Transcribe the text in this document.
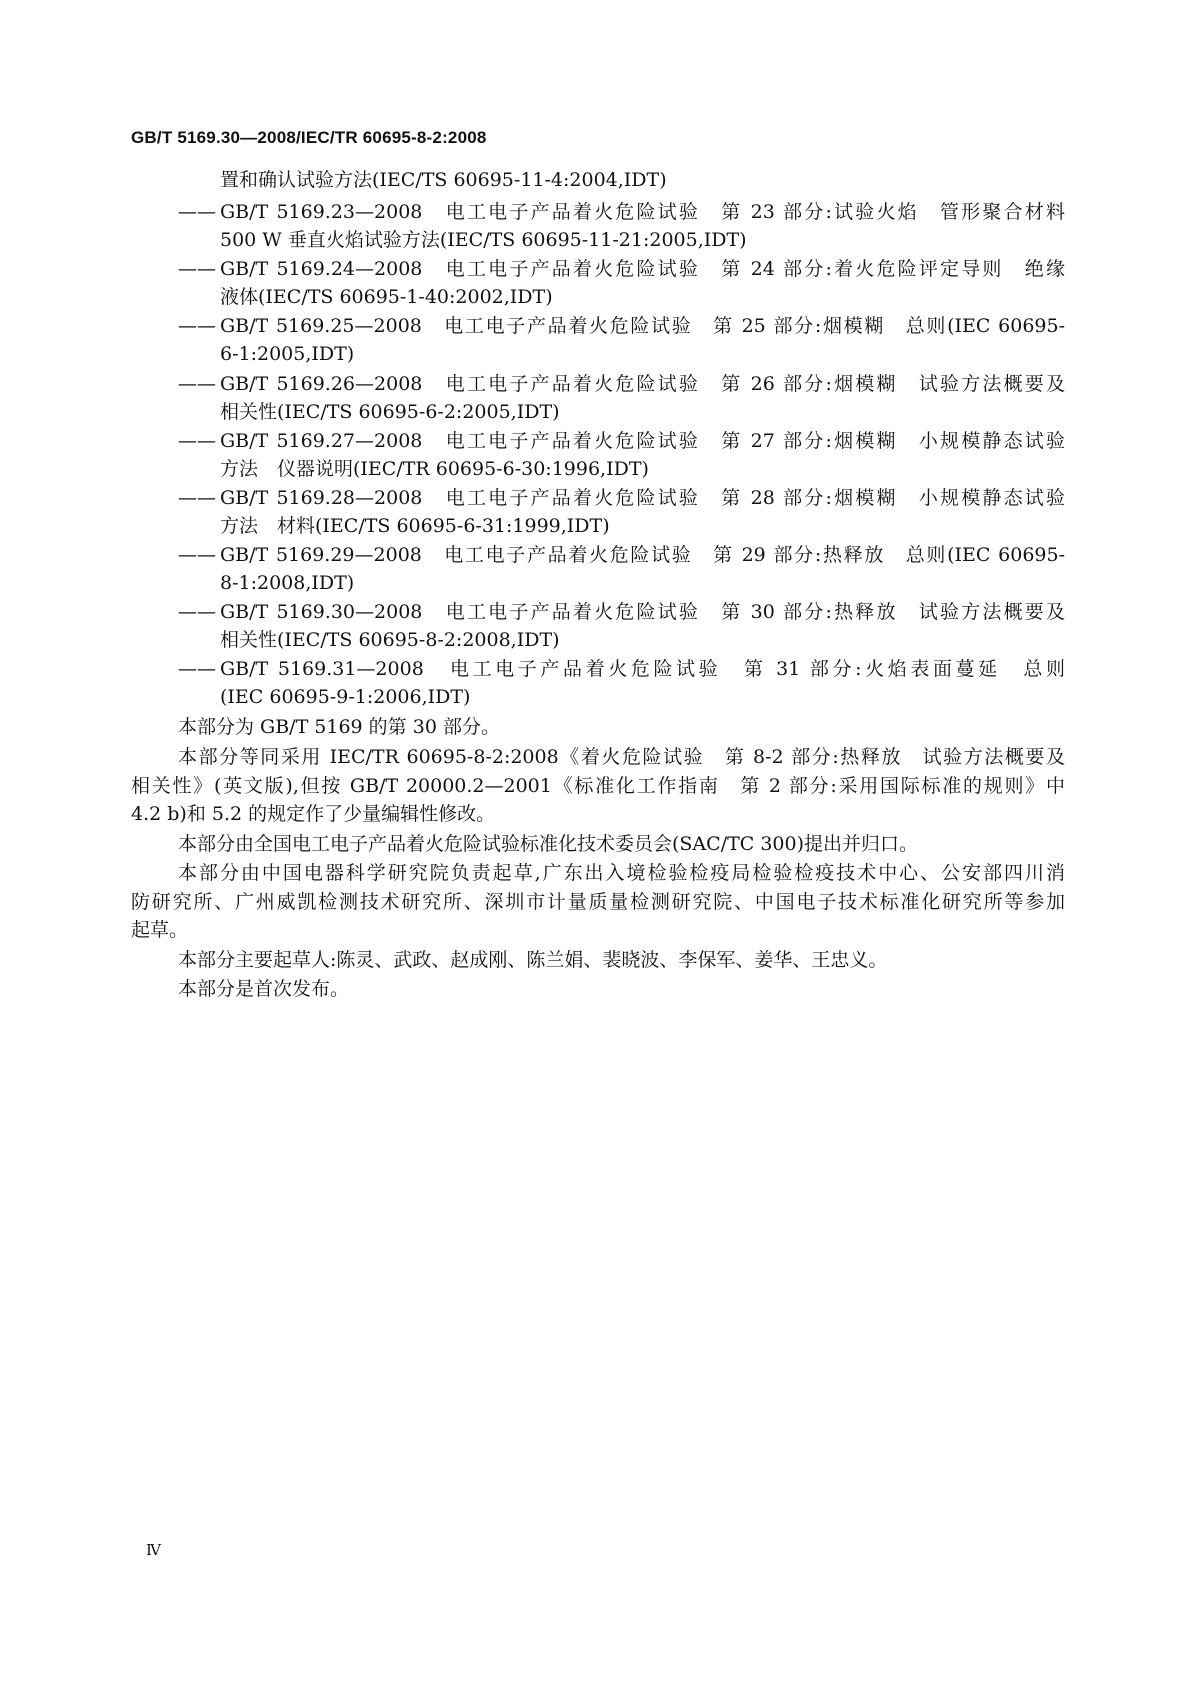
GB/T 5169.30—2008/IEC/TR 60695-8-2:2008
置和确认试验方法(IEC/TS 60695-11-4:2004,IDT)
—— GB/T 5169.23—2008　电工电子产品着火危险试验　第 23 部分:试验火焰　管形聚合材料
500 W 垂直火焰试验方法(IEC/TS 60695-11-21:2005,IDT)
—— GB/T 5169.24—2008　电工电子产品着火危险试验　第 24 部分:着火危险评定导则　绝缘
液体(IEC/TS 60695-1-40:2002,IDT)
—— GB/T 5169.25—2008　电工电子产品着火危险试验　第 25 部分:烟模糊　总则(IEC 60695-
6-1:2005,IDT)
—— GB/T 5169.26—2008　电工电子产品着火危险试验　第 26 部分:烟模糊　试验方法概要及
相关性(IEC/TS 60695-6-2:2005,IDT)
—— GB/T 5169.27—2008　电工电子产品着火危险试验　第 27 部分:烟模糊　小规模静态试验
方法　仪器说明(IEC/TR 60695-6-30:1996,IDT)
—— GB/T 5169.28—2008　电工电子产品着火危险试验　第 28 部分:烟模糊　小规模静态试验
方法　材料(IEC/TS 60695-6-31:1999,IDT)
—— GB/T 5169.29—2008　电工电子产品着火危险试验　第 29 部分:热释放　总则(IEC 60695-
8-1:2008,IDT)
—— GB/T 5169.30—2008　电工电子产品着火危险试验　第 30 部分:热释放　试验方法概要及
相关性(IEC/TS 60695-8-2:2008,IDT)
—— GB/T 5169.31—2008　电工电子产品着火危险试验　第 31 部分:火焰表面蔓延　总则
(IEC 60695-9-1:2006,IDT)
本部分为 GB/T 5169 的第 30 部分。
本部分等同采用 IEC/TR 60695-8-2:2008《着火危险试验　第 8-2 部分:热释放　试验方法概要及
相关性》(英文版),但按 GB/T 20000.2—2001《标准化工作指南　第 2 部分:采用国际标准的规则》中
4.2 b)和 5.2 的规定作了少量编辑性修改。
本部分由全国电工电子产品着火危险试验标准化技术委员会(SAC/TC 300)提出并归口。
本部分由中国电器科学研究院负责起草,广东出入境检验检疫局检验检疫技术中心、公安部四川消
防研究所、广州威凯检测技术研究所、深圳市计量质量检测研究院、中国电子技术标准化研究所等参加
起草。
本部分主要起草人:陈灵、武政、赵成刚、陈兰娟、裴晓波、李保军、姜华、王忠义。
本部分是首次发布。
Ⅳ
